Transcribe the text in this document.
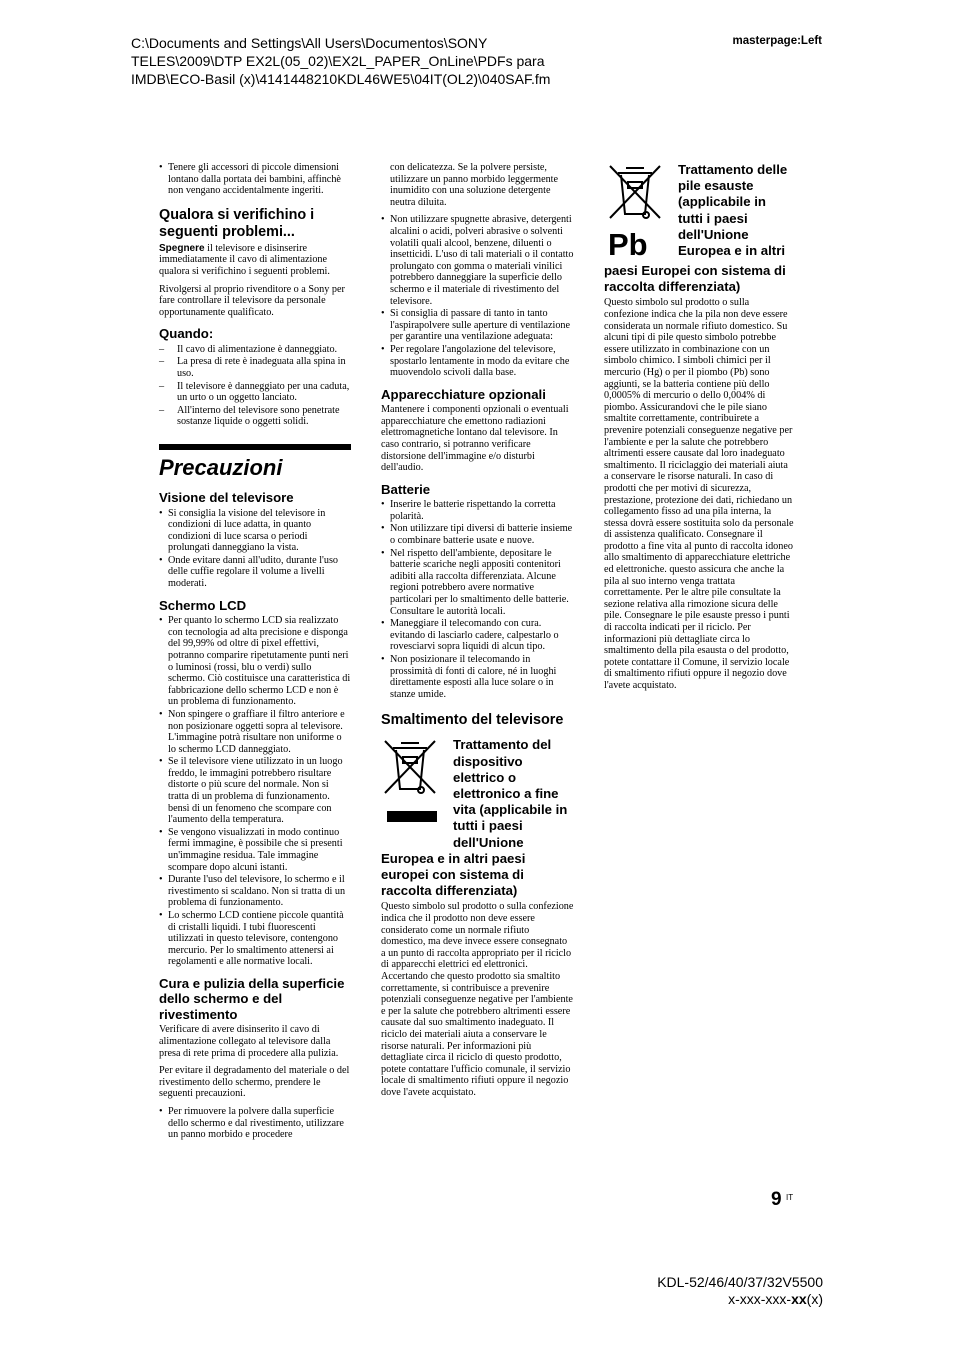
C:\Documents and Settings\All Users\Documentos\SONY
TELES\2009\DTP EX2L(05_02)\EX2L_PAPER_OnLine\PDFs para
IMDB\ECO-Basil (x)\4141448210KDL46WE5\04IT(OL2)\040SAF.fm
masterpage:Left
• Tenere gli accessori di piccole dimensioni lontano dalla portata dei bambini, affinchè non vengano accidentalmente ingeriti.
Qualora si verifichino i seguenti problemi...

Spegnere il televisore e disinserire immediatamente il cavo di alimentazione qualora si verifichino i seguenti problemi.

Rivolgersi al proprio rivenditore o a Sony per fare controllare il televisore da personale opportunamente qualificato.

Quando:
– Il cavo di alimentazione è danneggiato.
– La presa di rete è inadeguata alla spina in uso.
– Il televisore è danneggiato per una caduta, un urto o un oggetto lanciato.
– All'interno del televisore sono penetrate sostanze liquide o oggetti solidi.
Precauzioni
Visione del televisore
• Si consiglia la visione del televisore in condizioni di luce adatta, in quanto condizioni di luce scarsa o periodi prolungati danneggiano la vista.
• Onde evitare danni all'udito, durante l'uso delle cuffie regolare il volume a livelli moderati.
Schermo LCD
• Per quanto lo schermo LCD sia realizzato con tecnologia ad alta precisione e disponga del 99,99% od oltre di pixel effettivi, potranno comparire ripetutamente punti neri o luminosi (rossi, blu o verdi) sullo schermo. Ciò costituisce una caratteristica di fabbricazione dello schermo LCD e non è un problema di funzionamento.
• Non spingere o graffiare il filtro anteriore e non posizionare oggetti sopra al televisore. L'immagine potrà risultare non uniforme o lo schermo LCD danneggiato.
• Se il televisore viene utilizzato in un luogo freddo, le immagini potrebbero risultare distorte o più scure del normale. Non si tratta di un problema di funzionamento. bensì di un fenomeno che scompare con l'aumento della temperatura.
• Se vengono visualizzati in modo continuo fermi immagine, è possibile che si presenti un'immagine residua. Tale immagine scompare dopo alcuni istanti.
• Durante l'uso del televisore, lo schermo e il rivestimento si scaldano. Non si tratta di un problema di funzionamento.
• Lo schermo LCD contiene piccole quantità di cristalli liquidi. I tubi fluorescenti utilizzati in questo televisore, contengono mercurio. Per lo smaltimento attenersi ai regolamenti e alle normative locali.
Cura e pulizia della superficie dello schermo e del rivestimento

Verificare di avere disinserito il cavo di alimentazione collegato al televisore dalla presa di rete prima di procedere alla pulizia.

Per evitare il degradamento del materiale o del rivestimento dello schermo, prendere le seguenti precauzioni.

• Per rimuovere la polvere dalla superficie dello schermo e dal rivestimento, utilizzare un panno morbido e procedere

con delicatezza. Se la polvere persiste, utilizzare un panno morbido leggermente inumidito con una soluzione detergente neutra diluita.

• Non utilizzare spugnette abrasive, detergenti alcalini o acidi, polveri abrasive o solventi volatili quali alcool, benzene, diluenti o insetticidi. L'uso di tali materiali o il contatto prolungato con gomma o materiali vinilici potrebbero danneggiare la superficie dello schermo e il materiale di rivestimento del televisore.
• Si consiglia di passare di tanto in tanto l'aspirapolvere sulle aperture di ventilazione per garantire una ventilazione adeguata:
• Per regolare l'angolazione del televisore, spostarlo lentamente in modo da evitare che muovendolo scivoli dalla base.
Apparecchiature opzionali

Mantenere i componenti opzionali o eventuali apparecchiature che emettono radiazioni elettromagnetiche lontano dal televisore. In caso contrario, si potranno verificare distorsione dell'immagine e/o disturbi dell'audio.

Batterie
• Inserire le batterie rispettando la corretta polarità.
• Non utilizzare tipi diversi di batterie insieme o combinare batterie usate e nuove.
• Nel rispetto dell'ambiente, depositare le batterie scariche negli appositi contenitori adibiti alla raccolta differenziata. Alcune regioni potrebbero avere normative particolari per lo smaltimento delle batterie. Consultare le autorità locali.
• Maneggiare il telecomando con cura. evitando di lasciarlo cadere, calpestarlo o rovesciarvi sopra liquidi di alcun tipo.
• Non posizionare il telecomando in prossimità di fonti di calore, né in luoghi direttamente esposti alla luce solare o in stanze umide.
Smaltimento del televisore
Trattamento del dispositivo elettrico o elettronico a fine vita (applicabile in tutti i paesi dell'Unione
Europea e in altri paesi europei con sistema di raccolta differenziata)

Questo simbolo sul prodotto o sulla confezione indica che il prodotto non deve essere considerato come un normale rifiuto domestico, ma deve invece essere consegnato a un punto di raccolta appropriato per il riciclo di apparecchi elettrici ed elettronici. Accertando che questo prodotto sia smaltito correttamente, si contribuisce a prevenire potenziali conseguenze negative per l'ambiente e per la salute che potrebbero altrimenti essere causate dal suo smaltimento inadeguato. Il riciclo dei materiali aiuta a conservare le risorse naturali. Per informazioni più dettagliate circa il riciclo di questo prodotto, potete contattare l'ufficio comunale, il servizio locale di smaltimento rifiuti oppure il negozio dove l'avete acquistato.

Pb
Trattamento delle pile esauste (applicabile in tutti i paesi dell'Unione Europea e in altri
paesi Europei con sistema di raccolta differenziata)

Questo simbolo sul prodotto o sulla confezione indica che la pila non deve essere considerata un normale rifiuto domestico. Su alcuni tipi di pile questo simbolo potrebbe essere utilizzato in combinazione con un simbolo chimico. I simboli chimici per il mercurio (Hg) o per il piombo (Pb) sono aggiunti, se la batteria contiene più dello 0,0005% di mercurio o dello 0,004% di piombo. Assicurandovi che le pile siano smaltite correttamente, contribuirete a prevenire potenziali conseguenze negative per l'ambiente e per la salute che potrebbero altrimenti essere causate dal loro inadeguato smaltimento. Il riciclaggio dei materiali aiuta a conservare le risorse naturali. In caso di prodotti che per motivi di sicurezza, prestazione, protezione dei dati, richiedano un collegamento fisso ad una pila interna, la stessa dovrà essere sostituita solo da personale di assistenza qualificato. Consegnare il prodotto a fine vita al punto di raccolta idoneo allo smaltimento di apparecchiature elettriche ed elettroniche. questo assicura che anche la pila al suo interno venga trattata correttamente. Per le altre pile consultate la sezione relativa alla rimozione sicura delle pile. Consegnare le pile esauste presso i punti di raccolta indicati per il riciclo. Per informazioni più dettagliate circa lo smaltimento della pila esausta o del prodotto, potete contattare il Comune, il servizio locale di smaltimento rifiuti oppure il negozio dove l'avete acquistato.

9 IT
KDL-52/46/40/37/32V5500
x-xxx-xxx-xx(x)
